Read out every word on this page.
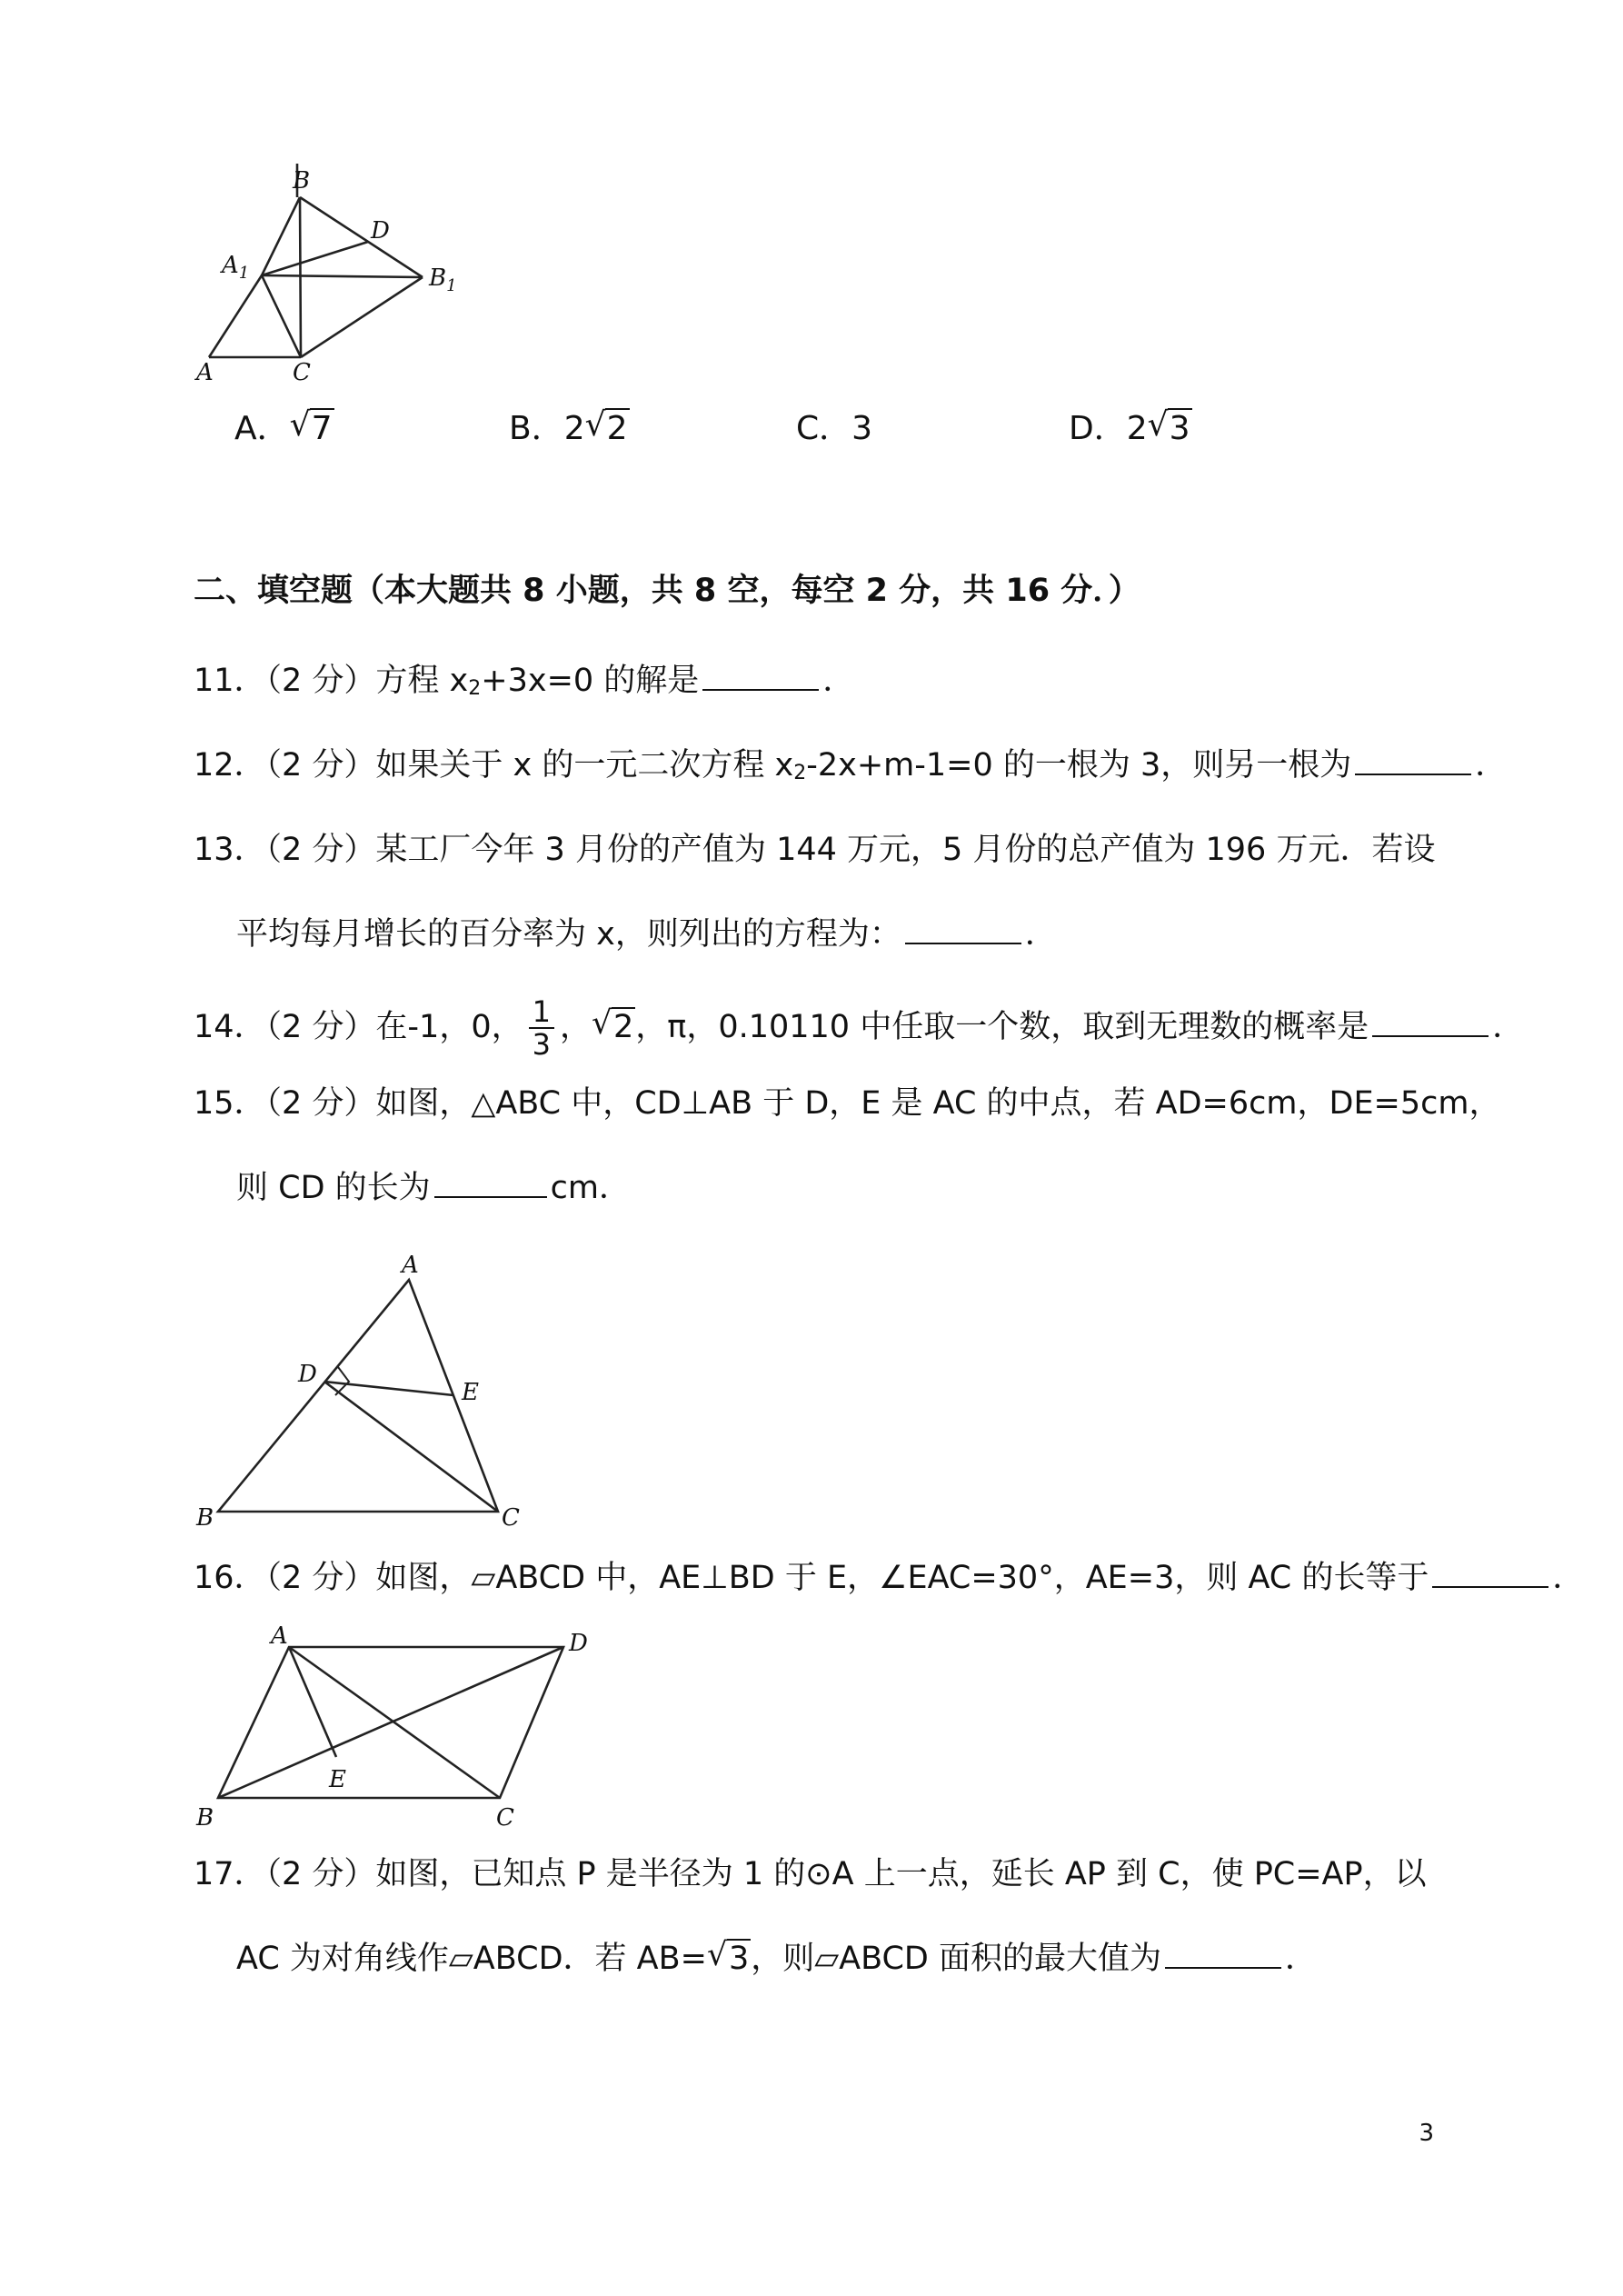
B
D
$A_1$	$B_1$
A	C
A． √ 7	B．2 √ 2	C．3	D．2 √ 3
二、填空题（本大题共 8 小题，共 8 空，每空 2 分，共 16 分．）
11．（2 分）方程 x2+3x=0 的解是	．
12．（2 分）如果关于 x 的一元二次方程 x2-2x+m-1=0 的一根为 3，则另一根为	．
13．（2 分）某工厂今年 3 月份的产值为 144 万元，5 月份的总产值为 196 万元．若设
平均每月增长的百分率为 x，则列出的方程为：	．
14．（2 分）在-1，0， $\frac{1}{3}$ ， √ 2，π，0.10110 中任取一个数，取到无理数的概率是	．
15．（2 分）如图，△ABC 中，CD⊥AB 于 D，E 是 AC 的中点，若 AD=6cm，DE=5cm，
则 CD 的长为	cm．
A
D
E
B	C
16．（2 分）如图，▱ABCD 中，AE⊥BD 于 E，∠EAC=30°，AE=3，则 AC 的长等于	．
A	D
E
B	C
17．（2 分）如图，已知点 P 是半径为 1 的⊙A 上一点，延长 AP 到 C，使 PC=AP，以
AC 为对角线作▱ABCD．若 AB= √ 3，则▱ABCD 面积的最大值为	．
3
